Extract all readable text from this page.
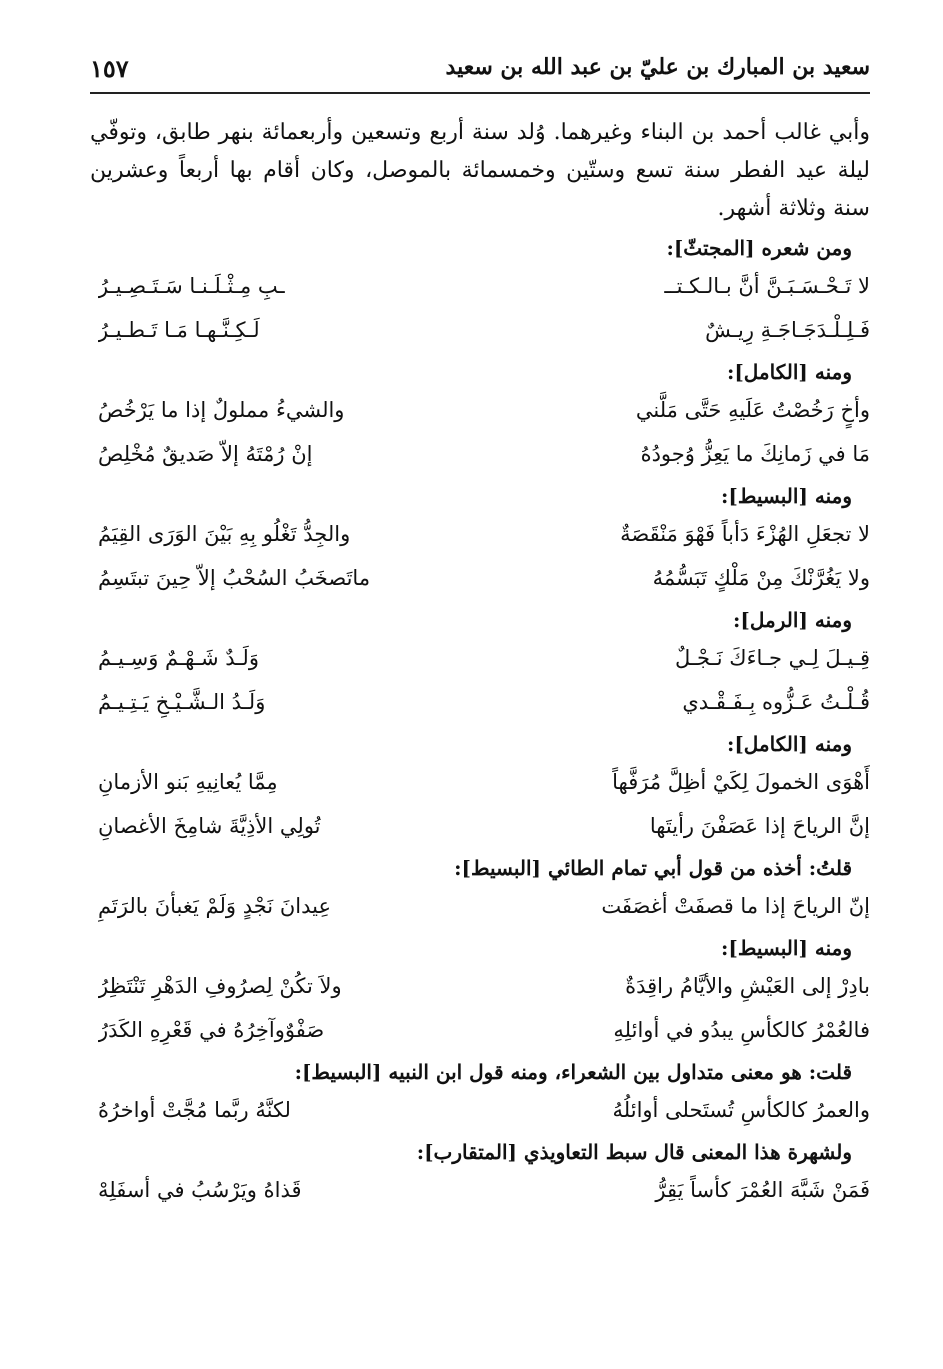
سعيد بن المبارك بن عليّ بن عبد الله بن سعيد
١٥٧
وأبي غالب أحمد بن البناء وغيرهما. وُلد سنة أربع وتسعين وأربعمائة بنهر طابق، وتوفّي ليلة عيد الفطر سنة تسع وستّين وخمسمائة بالموصل، وكان أقام بها أربعاً وعشرين سنة وثلاثة أشهر.
ومن شعره [المجتثّ]:
لا تَـحْـسَـبَـنَّ أنَّ بـالـكـتــ
ـبِ مِـثْـلَـنـا سَـتَـصِـيـرُ
فَـلِـلْـدَجَـاجَـةِ رِيـشٌ
لَـكِـنَّـهـا مَـا تَـطـيـرُ
ومنه [الكامل]:
وأخٍ رَخُصْتُ عَلَيهِ حَتَّى مَلَّني
والشيءُ مملولٌ إذا ما يَرْخُصُ
مَا في زَمانِكَ ما يَعِزُّ وُجودُهُ
إنْ رُمْتَهُ إلاّ صَديقٌ مُخْلِصُ
ومنه [البسيط]:
لا تجعَلِ الهُزْءَ دَأباً فَهْوَ مَنْقَصَةٌ
والجِدُّ تَغْلُو بِهِ بَيْنَ الوَرَى القِيَمُ
ولا يَغُرَّنْكَ مِنْ مَلْكٍ تَبَسُّمُهُ
ماتَصخَبُ السُحْبُ إلاّ حِينَ تبتَسِمُ
ومنه [الرمل]:
قِـيـلَ لِـي جـاءَكَ نَـجْـلٌ
وَلَـدٌ شَـهْـمٌ وَسِـيـمُ
قُـلْـتُ عَـزُّوه بِـفَـقْـدي
وَلَـدُ الـشَّـيْـخِ يَـتِـيـمُ
ومنه [الكامل]:
أَهْوَى الخمولَ لِكَيْ أظِلَّ مُرَفَّهاً
مِمَّا يُعانِيهِ بَنو الأزمانِ
إنَّ الرياحَ إذا عَصَفْنَ رأيتَها
تُولِي الأذِيَّةَ شامِخَ الأغصانِ
قلتُ: أخذه من قول أبي تمام الطائي [البسيط]:
إنّ الرياحَ إذا ما قصفَتْ أغصَفَت
عِيدانَ نَجْدٍ وَلَمْ يَغبأنَ بالرَتَمِ
ومنه [البسيط]:
بادِرْ إلى العَيْشِ والأيَّامُ راقِدَةٌ
ولاَ تكُنْ لِصرُوفِ الدَهْرِ تَنْتَظِرُ
فالعُمْرُ كالكأسِ يبدُو في أوائلِهِ
صَفْوٌوآخِرُهُ في قَعْرِهِ الكَدَرُ
قلت: هو معنى متداول بين الشعراء، ومنه قول ابن النبيه [البسيط]:
والعمرُ كالكأسِ تُستَحلى أوائلُهُ
لكنَّهُ ربَّما مُجَّتْ أواخرُهُ
ولشهرة هذا المعنى قال سبط التعاويذي [المتقارب]:
فَمَنْ شَبَّهَ العُمْرَ كأساً يَقِرُّ
قَذاهُ ويَرْسُبُ في أسفَلِهْ
